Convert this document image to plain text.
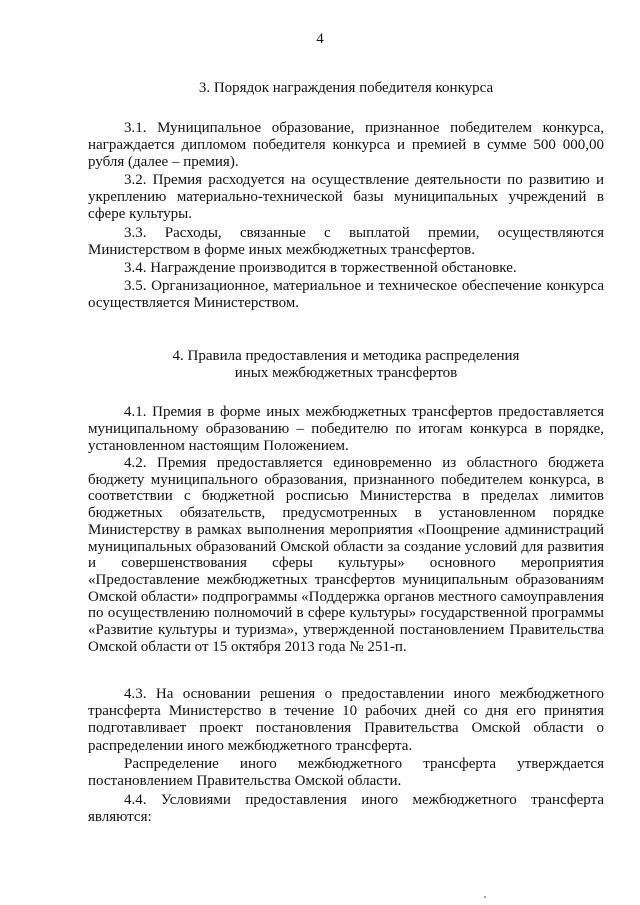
4
3. Порядок награждения победителя конкурса

3.1. Муниципальное образование, признанное победителем конкурса, награждается дипломом победителя конкурса и премией в сумме 500 000,00 рубля (далее – премия).

3.2. Премия расходуется на осуществление деятельности по развитию и укреплению материально-технической базы муниципальных учреждений в сфере культуры.

3.3. Расходы, связанные с выплатой премии, осуществляются Министерством в форме иных межбюджетных трансфертов.

3.4. Награждение производится в торжественной обстановке.

3.5. Организационное, материальное и техническое обеспечение конкурса осуществляется Министерством.

4. Правила предоставления и методика распределения
иных межбюджетных трансфертов

4.1. Премия в форме иных межбюджетных трансфертов предоставляется муниципальному образованию – победителю по итогам конкурса в порядке, установленном настоящим Положением.

4.2. Премия предоставляется единовременно из областного бюджета бюджету муниципального образования, признанного победителем конкурса, в соответствии с бюджетной росписью Министерства в пределах лимитов бюджетных обязательств, предусмотренных в установленном порядке Министерству в рамках выполнения мероприятия «Поощрение администраций муниципальных образований Омской области за создание условий для развития и совершенствования сферы культуры» основного мероприятия «Предоставление межбюджетных трансфертов муниципальным образованиям Омской области» подпрограммы «Поддержка органов местного самоуправления по осуществлению полномочий в сфере культуры» государственной программы «Развитие культуры и туризма», утвержденной постановлением Правительства Омской области от 15 октября 2013 года № 251-п.

4.3. На основании решения о предоставлении иного межбюджетного трансферта Министерство в течение 10 рабочих дней со дня его принятия подготавливает проект постановления Правительства Омской области о распределении иного межбюджетного трансферта.

Распределение иного межбюджетного трансферта утверждается постановлением Правительства Омской области.

4.4. Условиями предоставления иного межбюджетного трансферта являются:
